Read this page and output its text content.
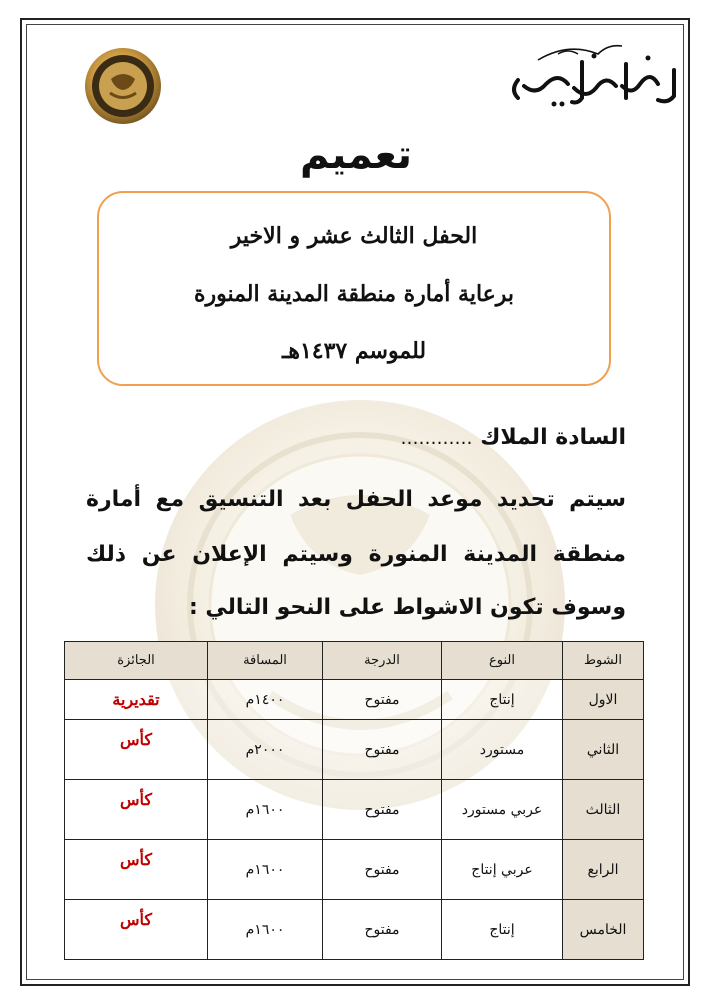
تعميم
الحفل الثالث عشر و الاخير
برعاية أمارة منطقة المدينة المنورة
للموسم ١٤٣٧هـ
السادة الملاك …………
سيتم تحديد موعد الحفل بعد التنسيق مع أمارة
منطقة المدينة المنورة وسيتم الإعلان عن ذلك
وسوف تكون الاشواط على النحو التالي :
الشوط	النوع	الدرجة	المسافة	الجائزة
الاول	إنتاج	مفتوح	١٤٠٠م	تقديرية
الثاني	مستورد	مفتوح	٢٠٠٠م	كأس
الثالث	عربي مستورد	مفتوح	١٦٠٠م	كأس
الرابع	عربي إنتاج	مفتوح	١٦٠٠م	كأس
الخامس	إنتاج	مفتوح	١٦٠٠م	كأس
